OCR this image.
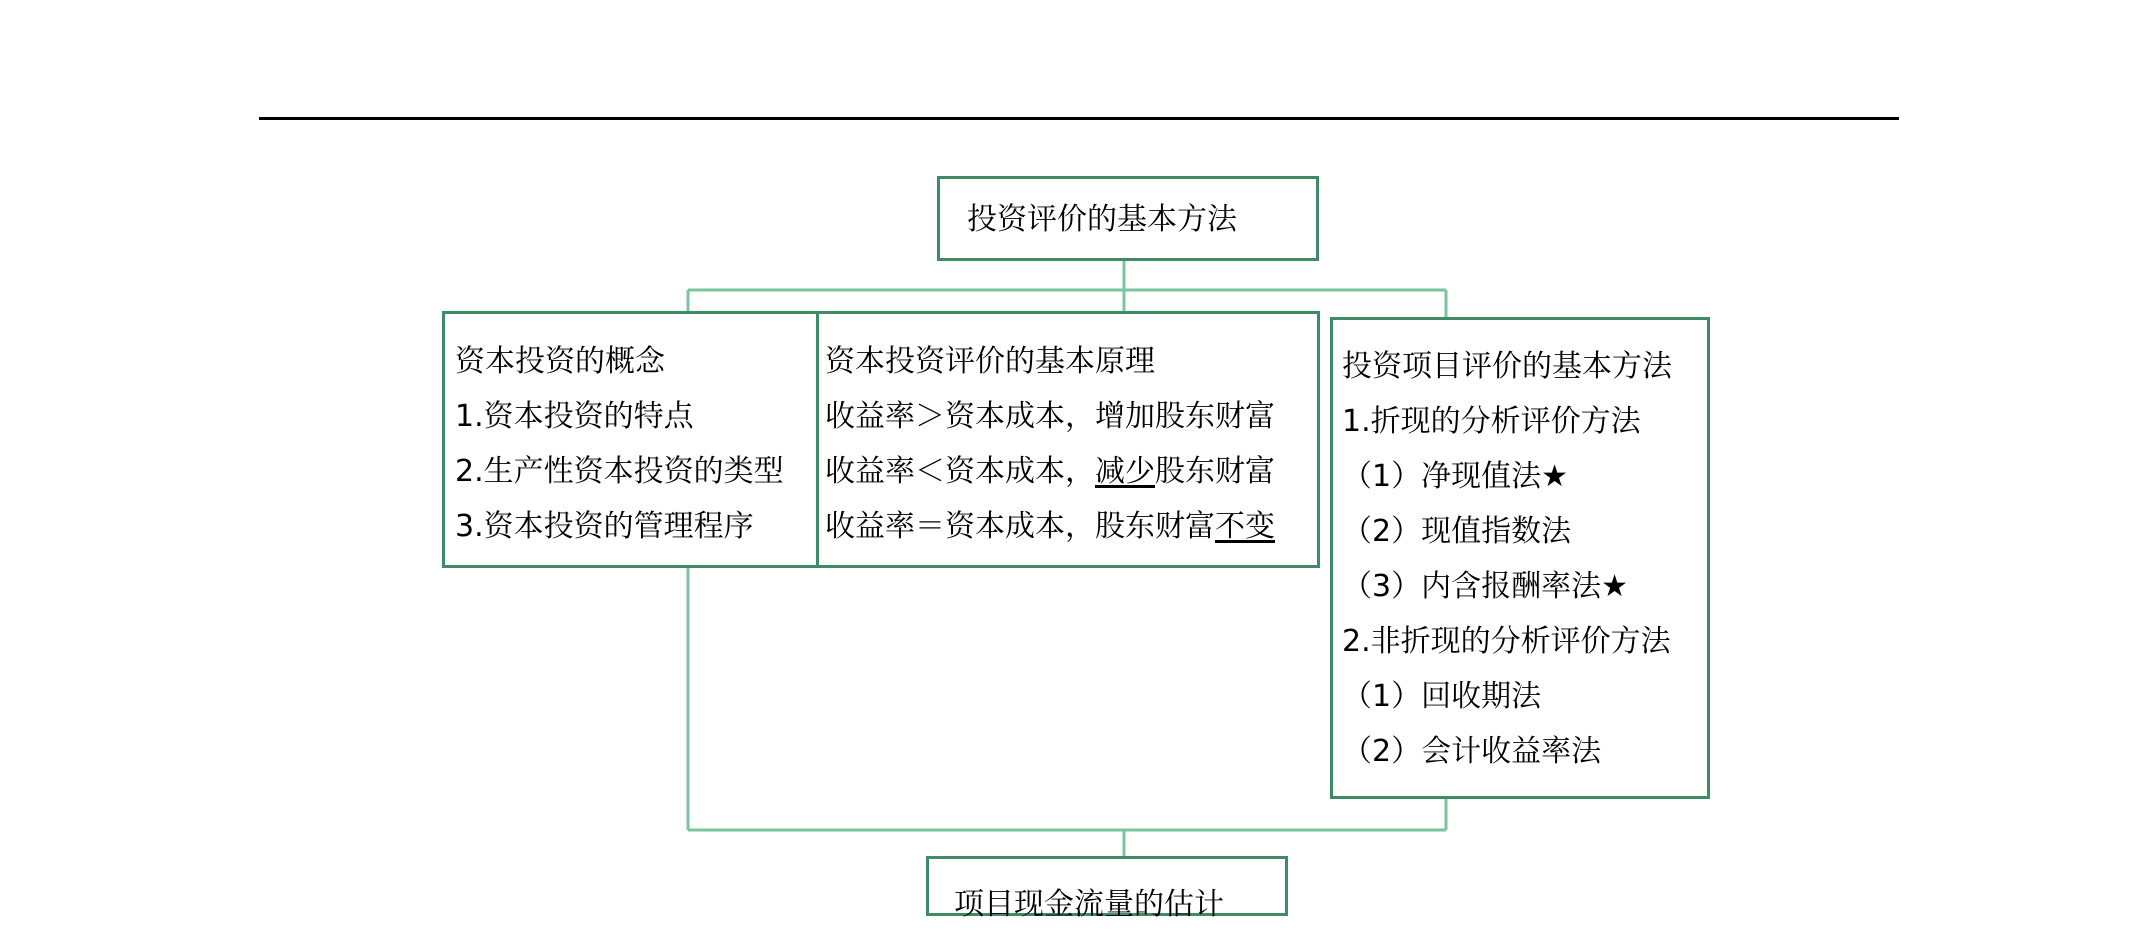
投资评价的基本方法
资本投资的概念
1.资本投资的特点
2.生产性资本投资的类型
3.资本投资的管理程序
资本投资评价的基本原理
收益率＞资本成本，增加股东财富
收益率＜资本成本，减少股东财富
收益率＝资本成本，股东财富不变
投资项目评价的基本方法
1.折现的分析评价方法
（1）净现值法★
（2）现值指数法
（3）内含报酬率法★
2.非折现的分析评价方法
（1）回收期法
（2）会计收益率法
项目现金流量的估计
